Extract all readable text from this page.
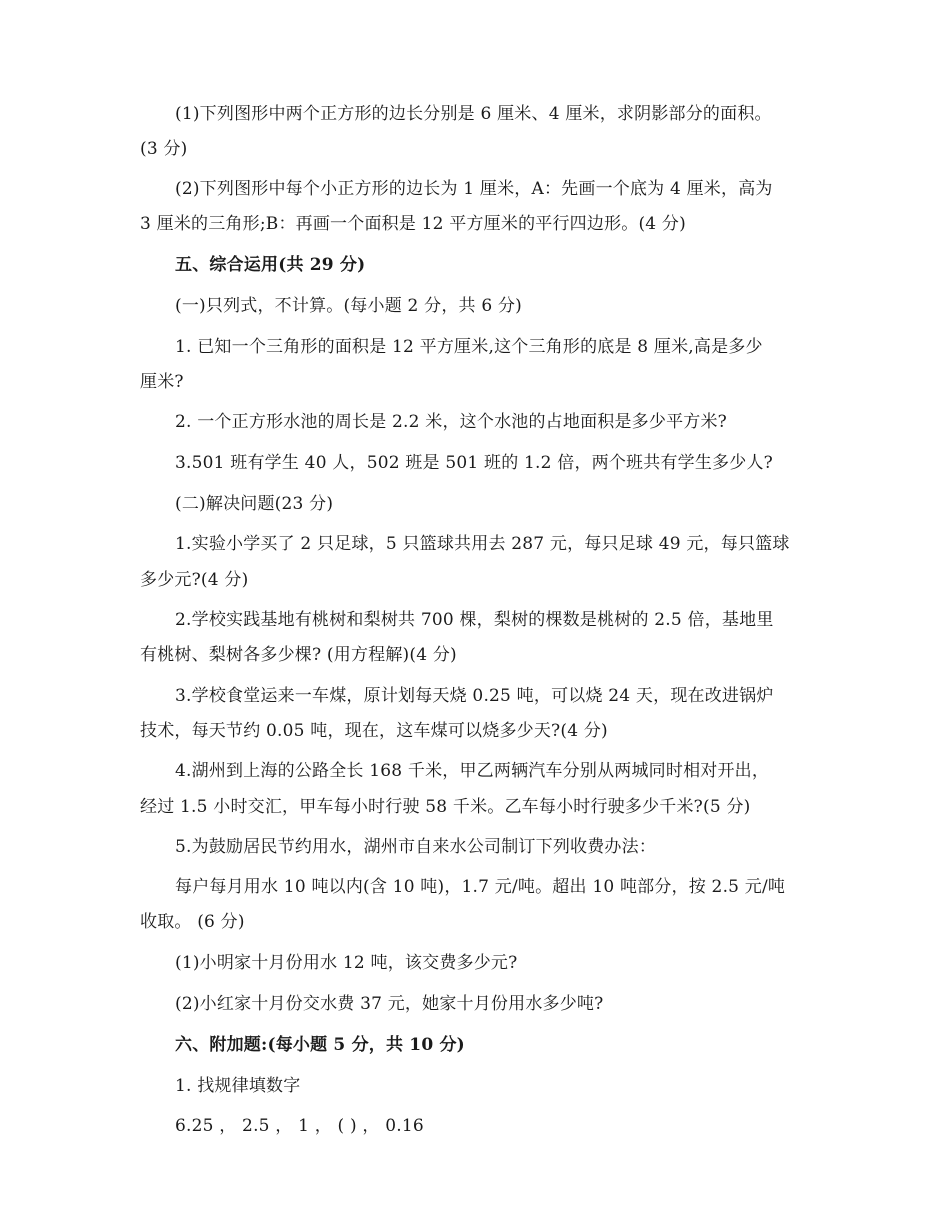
(1)下列图形中两个正方形的边长分别是 6 厘米、4 厘米，求阴影部分的面积。
(3 分)
(2)下列图形中每个小正方形的边长为 1 厘米，A：先画一个底为 4 厘米，高为
3 厘米的三角形;B：再画一个面积是 12 平方厘米的平行四边形。(4 分)
五、综合运用(共 29 分)
(一)只列式，不计算。(每小题 2 分，共 6 分)
1. 已知一个三角形的面积是 12 平方厘米,这个三角形的底是 8 厘米,高是多少
厘米?
2. 一个正方形水池的周长是 2.2 米，这个水池的占地面积是多少平方米?
3.501 班有学生 40 人，502 班是 501 班的 1.2 倍，两个班共有学生多少人?
(二)解决问题(23 分)
1.实验小学买了 2 只足球，5 只篮球共用去 287 元，每只足球 49 元，每只篮球
多少元?(4 分)
2.学校实践基地有桃树和梨树共 700 棵，梨树的棵数是桃树的 2.5 倍，基地里
有桃树、梨树各多少棵? (用方程解)(4 分)
3.学校食堂运来一车煤，原计划每天烧 0.25 吨，可以烧 24 天，现在改进锅炉
技术，每天节约 0.05 吨，现在，这车煤可以烧多少天?(4 分)
4.湖州到上海的公路全长 168 千米，甲乙两辆汽车分别从两城同时相对开出，
经过 1.5 小时交汇，甲车每小时行驶 58 千米。乙车每小时行驶多少千米?(5 分)
5.为鼓励居民节约用水，湖州市自来水公司制订下列收费办法：
每户每月用水 10 吨以内(含 10 吨)，1.7 元/吨。超出 10 吨部分，按 2.5 元/吨
收取。 (6 分)
(1)小明家十月份用水 12 吨，该交费多少元?
(2)小红家十月份交水费 37 元，她家十月份用水多少吨?
六、附加题:(每小题 5 分，共 10 分)
1. 找规律填数字
6.25 ， 2.5 ， 1 ， ( ) ， 0.16
